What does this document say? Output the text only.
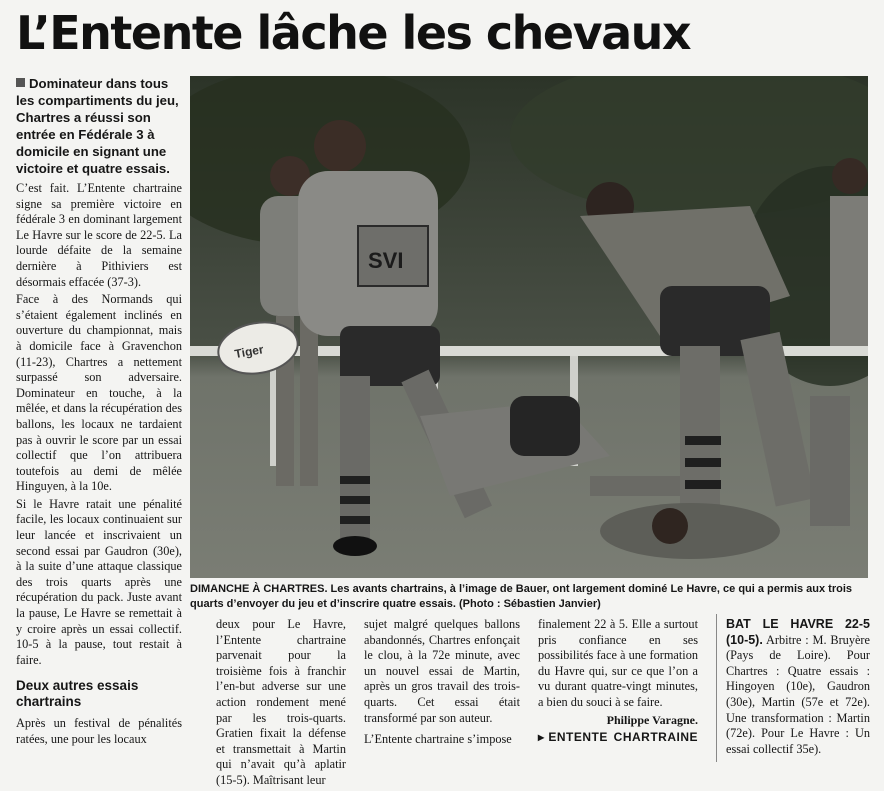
L’Entente lâche les chevaux

Dominateur dans tous les compartiments du jeu, Chartres a réussi son entrée en Fédérale 3 à domicile en signant une victoire et quatre essais.

C’est fait. L’Entente chartraine signe sa première victoire en fédérale 3 en dominant largement Le Havre sur le score de 22-5. La lourde défaite de la semaine dernière à Pithiviers est désormais effacée (37-3).

Face à des Normands qui s’étaient également inclinés en ouverture du championnat, mais à domicile face à Gravenchon (11-23), Chartres a nettement surpassé son adversaire. Dominateur en touche, à la mêlée, et dans la récupération des ballons, les locaux ne tardaient pas à ouvrir le score par un essai collectif que l’on attribuera toutefois au demi de mêlée Hinguyen, à la 10e.

Si le Havre ratait une pénalité facile, les locaux continuaient sur leur lancée et inscrivaient un second essai par Gaudron (30e), à la suite d’une attaque classique des trois quarts après une récupération du pack. Juste avant la pause, Le Havre se remettait à y croire après un essai collectif. 10-5 à la pause, tout restait à faire.

Deux autres essais chartrains

Après un festival de pénalités ratées, une pour les locaux

SVI
Tiger
DIMANCHE À CHARTRES. Les avants chartrains, à l’image de Bauer, ont largement dominé Le Havre, ce qui a permis aux trois quarts d’envoyer du jeu et d’inscrire quatre essais. (Photo : Sébastien Janvier)

deux pour Le Havre, l’Entente chartraine parvenait pour la troisième fois à franchir l’en-but adverse sur une action rondement mené par les trois-quarts. Gratien fixait la défense et transmettait à Martin qui n’avait qu’à aplatir (15-5). Maîtrisant leur

sujet malgré quelques ballons abandonnés, Chartres enfonçait le clou, à la 72e minute, avec un nouvel essai de Martin, après un gros travail des trois-quarts. Cet essai était transformé par son auteur.

L’Entente chartraine s’impose

finalement 22 à 5. Elle a surtout pris confiance en ses possibilités face à une formation du Havre qui, sur ce que l’on a vu durant quatre-vingt minutes, a bien du souci à se faire.

Philippe Varagne.
▸ ENTENTE CHARTRAINE

BAT LE HAVRE 22-5 (10-5). Arbitre : M. Bruyère (Pays de Loire). Pour Chartres : Quatre essais : Hingoyen (10e), Gaudron (30e), Martin (57e et 72e). Une transformation : Martin (72e). Pour Le Havre : Un essai collectif 35e).
